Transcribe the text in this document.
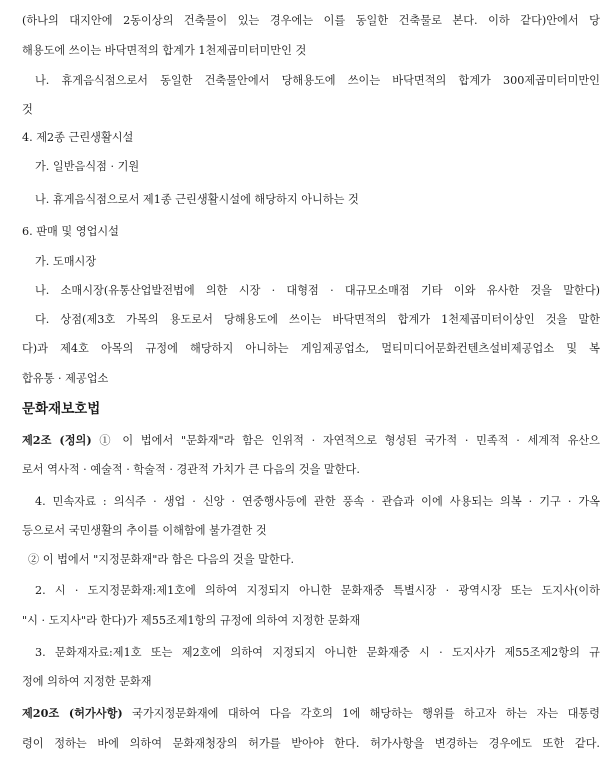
(하나의 대지안에 2동이상의 건축물이 있는 경우에는 이를 동일한 건축물로 본다. 이하 같다)안에서 당
해용도에 쓰이는 바닥면적의 합계가 1천제곱미터미만인 것
나. 휴게음식점으로서 동일한 건축물안에서 당해용도에 쓰이는 바닥면적의 합계가 300제곱미터미만인
것
4. 제2종 근린생활시설
가. 일반음식점 · 기원
나. 휴게음식점으로서 제1종 근린생활시설에 해당하지 아니하는 것
6. 판매 및 영업시설
가. 도매시장
나. 소매시장(유통산업발전법에 의한 시장 · 대형점 · 대규모소매점 기타 이와 유사한 것을 말한다)
다. 상점(제3호 가목의 용도로서 당해용도에 쓰이는 바닥면적의 합계가 1천제곱미터이상인 것을 말한
다)과 제4호 아목의 규정에 해당하지 아니하는 게임제공업소, 멀티미디어문화컨텐츠설비제공업소 및 복
합유통 · 제공업소
문화재보호법
제2조 (정의) ① 이 법에서 "문화재"라 함은 인위적 · 자연적으로 형성된 국가적 · 민족적 · 세계적 유산으
로서 역사적 · 예술적 · 학술적 · 경관적 가치가 큰 다음의 것을 말한다.
4. 민속자료 : 의식주 · 생업 · 신앙 · 연중행사등에 관한 풍속 · 관습과 이에 사용되는 의복 · 기구 · 가옥
등으로서 국민생활의 추이를 이해함에 불가결한 것
② 이 법에서 "지정문화재"라 함은 다음의 것을 말한다.
2. 시 · 도지정문화재:제1호에 의하여 지정되지 아니한 문화재중 특별시장 · 광역시장 또는 도지사(이하
"시 · 도지사"라 한다)가 제55조제1항의 규정에 의하여 지정한 문화재
3. 문화재자료:제1호 또는 제2호에 의하여 지정되지 아니한 문화재중 시 · 도지사가 제55조제2항의 규
정에 의하여 지정한 문화재
제20조 (허가사항) 국가지정문화재에 대하여 다음 각호의 1에 해당하는 행위를 하고자 하는 자는 대통령
령이 정하는 바에 의하여 문화재청장의 허가를 받아야 한다. 허가사항을 변경하는 경우에도 또한 같다.
